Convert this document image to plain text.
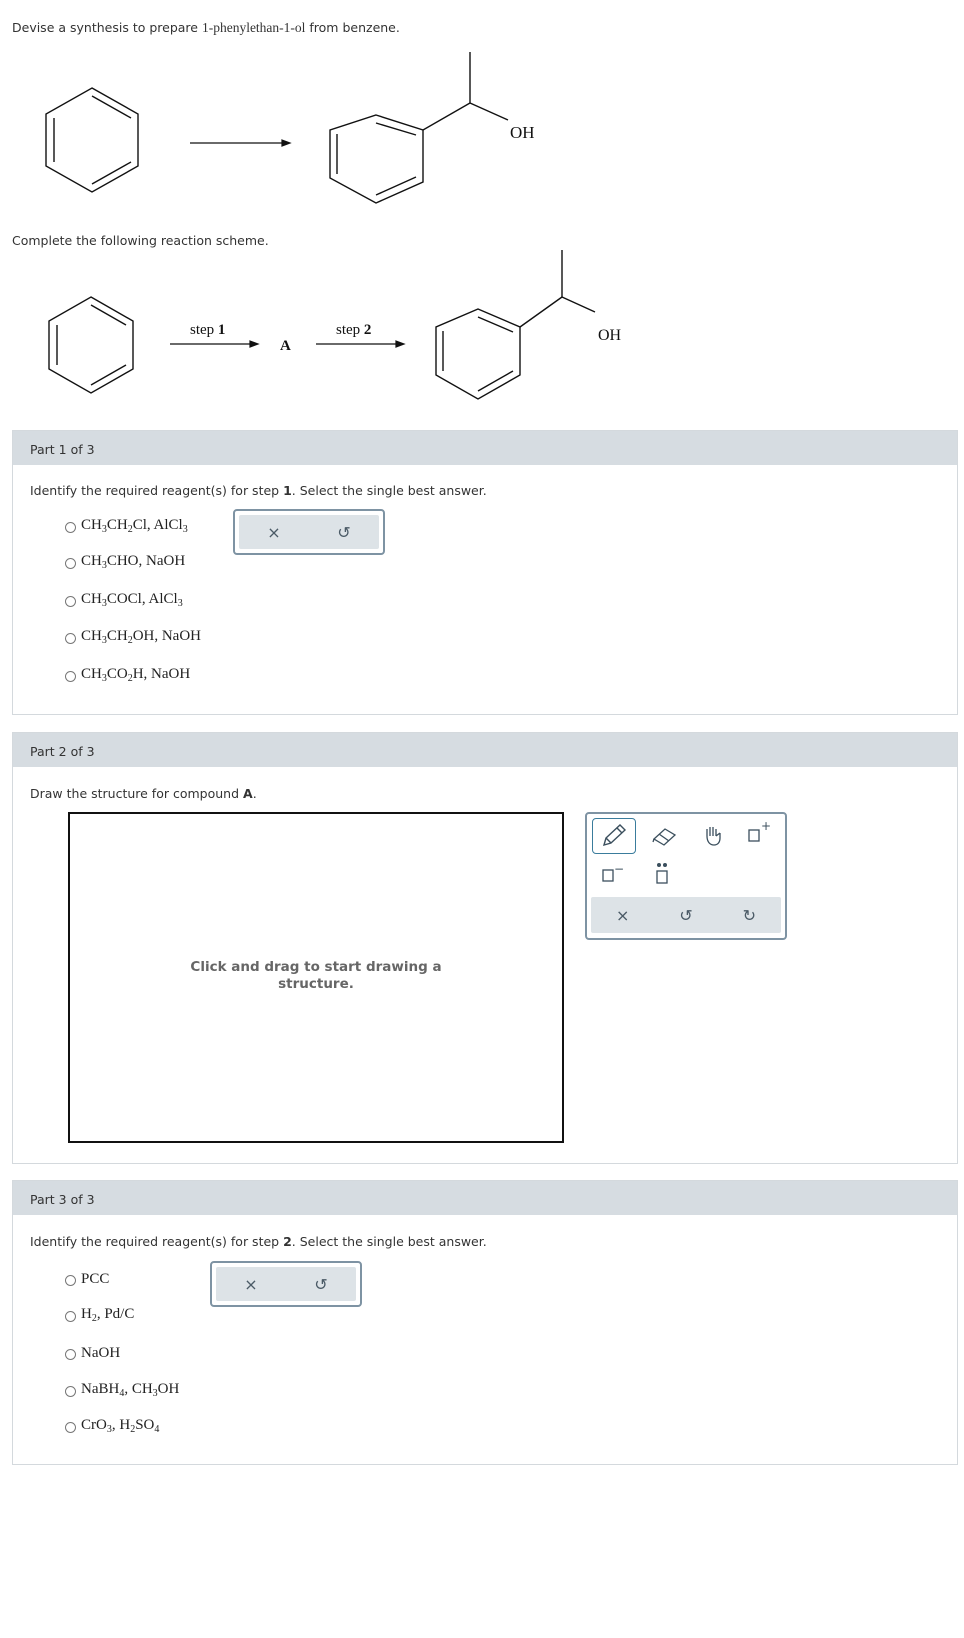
Devise a synthesis to prepare 1-phenylethan-1-ol from benzene.
OH
Complete the following reaction scheme.
step 1
A
step 2	OH
Part 1 of 3
Identify the required reagent(s) for step 1. Select the single best answer.
$CH_3CH_2Cl$, AlCl$_3$
$CH_3CHO$, NaOH
$CH_3COCl$, AlCl$_3$
$CH_3CH_2OH$, NaOH
$CH_3CO_2H$, NaOH
×	↺
Part 2 of 3
Draw the structure for compound A.
Click and drag to start drawing a
structure.
+
−
×	↺	↻
Part 3 of 3
Identify the required reagent(s) for step 2. Select the single best answer.
PCC
$H_2$, Pd/C
NaOH
NaBH$_4$, $CH_3OH$
CrO$_3$, $H_2SO_4$
×	↺
